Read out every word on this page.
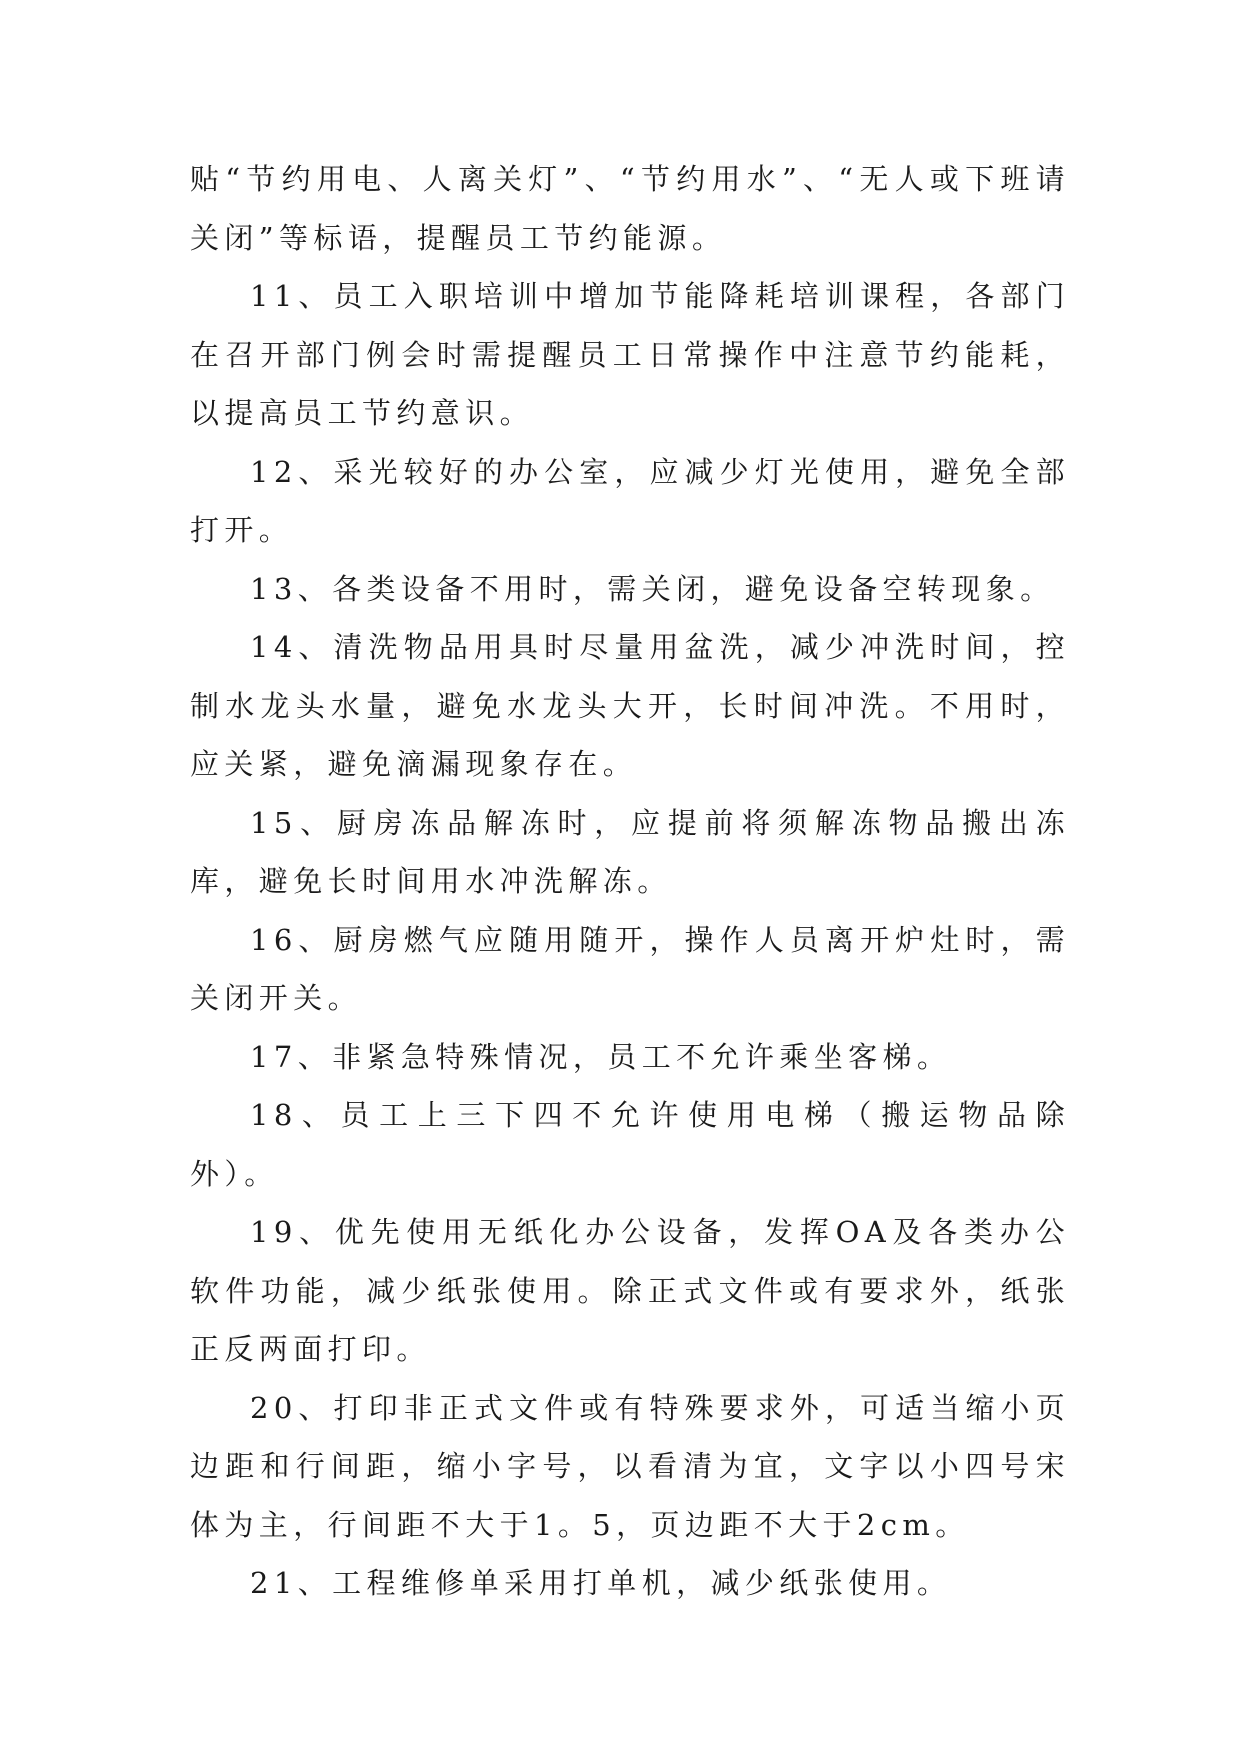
贴“节约用电、人离关灯”、“节约用水”、“无人或下班请关闭”等标语，提醒员工节约能源。

11、员工入职培训中增加节能降耗培训课程，各部门在召开部门例会时需提醒员工日常操作中注意节约能耗，以提高员工节约意识。

12、采光较好的办公室，应减少灯光使用，避免全部打开。

13、各类设备不用时，需关闭，避免设备空转现象。

14、清洗物品用具时尽量用盆洗，减少冲洗时间，控制水龙头水量，避免水龙头大开，长时间冲洗。不用时，应关紧，避免滴漏现象存在。

15、厨房冻品解冻时，应提前将须解冻物品搬出冻库，避免长时间用水冲洗解冻。

16、厨房燃气应随用随开，操作人员离开炉灶时，需关闭开关。

17、非紧急特殊情况，员工不允许乘坐客梯。

18、员工上三下四不允许使用电梯（搬运物品除外）。

19、优先使用无纸化办公设备，发挥OA及各类办公软件功能，减少纸张使用。除正式文件或有要求外，纸张正反两面打印。

20、打印非正式文件或有特殊要求外，可适当缩小页边距和行间距，缩小字号，以看清为宜，文字以小四号宋体为主，行间距不大于1。5，页边距不大于2cm。

21、工程维修单采用打单机，减少纸张使用。
